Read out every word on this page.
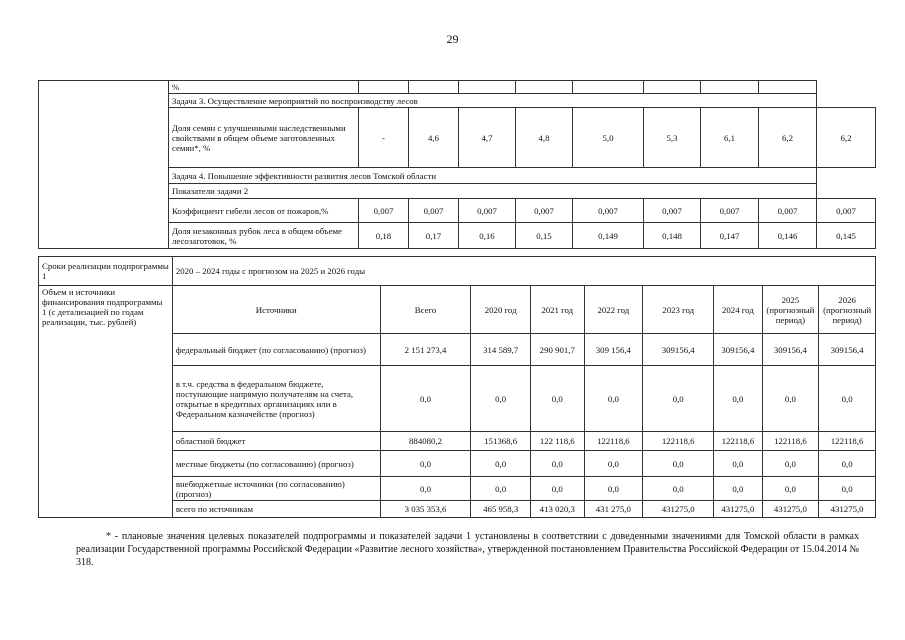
29
	%									
	Задача 3. Осуществление мероприятий по воспроизводству лесов									
	Доля семян с улучшенными наследственными свойствами в общем объеме заготовленных семян*, %	-	4,6	4,7	4,8	5,0	5,3	6,1	6,2	6,2
	Задача 4. Повышение эффективности развития лесов Томской области									
	Показатели задачи 2									
	Коэффициент гибели лесов от пожаров,%	0,007	0,007	0,007	0,007	0,007	0,007	0,007	0,007	0,007
	Доля незаконных рубок леса в общем объеме лесозаготовок, %	0,18	0,17	0,16	0,15	0,149	0,148	0,147	0,146	0,145
Сроки реализации подпрограммы 1	2020 – 2024 годы с прогнозом на 2025 и 2026 годы								
Объем и источники финансирования подпрограммы 1 (с детализацией по годам реализации, тыс. рублей)	Источники	Всего	2020 год	2021 год	2022 год	2023 год	2024 год	2025 (прогнозный период)	2026 (прогнозный период)
	федеральный бюджет (по согласованию) (прогноз)	2 151 273,4	314 589,7	290 901,7	309 156,4	309156,4	309156,4	309156,4	309156,4
	в т.ч. средства в федеральном бюджете, поступающие напрямую получателям на счета, открытые в кредитных организациях или в Федеральном казначействе (прогноз)	0,0	0,0	0,0	0,0	0,0	0,0	0,0	0,0
	областной бюджет	884080,2	151368,6	122 118,6	122118,6	122118,6	122118,6	122118,6	122118,6
	местные бюджеты (по согласованию) (прогноз)	0,0	0,0	0,0	0,0	0,0	0,0	0,0	0,0
	внебюджетные источники (по согласованию) (прогноз)	0,0	0,0	0,0	0,0	0,0	0,0	0,0	0,0
	всего по источникам	3 035 353,6	465 958,3	413 020,3	431 275,0	431275,0	431275,0	431275,0	431275,0

* - плановые значения целевых показателей подпрограммы и показателей задачи 1 установлены в соответствии с доведенными значениями для Томской области в рамках реализации Государственной программы Российской Федерации «Развитие лесного хозяйства», утвержденной постановлением Правительства Российской Федерации от 15.04.2014 № 318.
